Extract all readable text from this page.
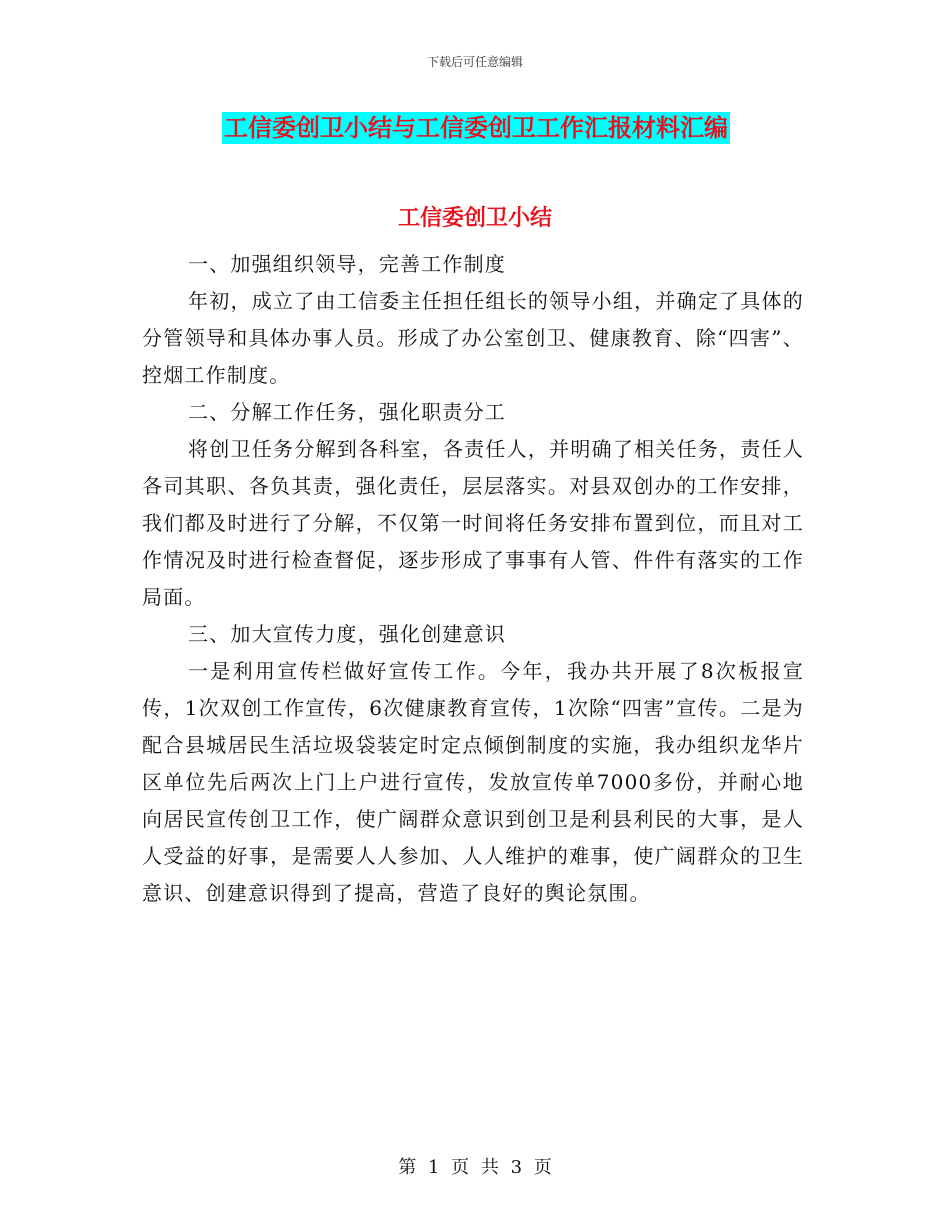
下载后可任意编辑
工信委创卫小结与工信委创卫工作汇报材料汇编
工信委创卫小结

一、加强组织领导，完善工作制度

年初，成立了由工信委主任担任组长的领导小组，并确定了具体的分管领导和具体办事人员。形成了办公室创卫、健康教育、除“四害”、控烟工作制度。

二、分解工作任务，强化职责分工

将创卫任务分解到各科室，各责任人，并明确了相关任务，责任人各司其职、各负其责，强化责任，层层落实。对县双创办的工作安排，我们都及时进行了分解，不仅第一时间将任务安排布置到位，而且对工作情况及时进行检查督促，逐步形成了事事有人管、件件有落实的工作局面。

三、加大宣传力度，强化创建意识

一是利用宣传栏做好宣传工作。今年，我办共开展了8次板报宣传，1次双创工作宣传，6次健康教育宣传，1次除“四害”宣传。二是为配合县城居民生活垃圾袋装定时定点倾倒制度的实施，我办组织龙华片区单位先后两次上门上户进行宣传，发放宣传单7000多份，并耐心地向居民宣传创卫工作，使广阔群众意识到创卫是利县利民的大事，是人人受益的好事，是需要人人参加、人人维护的难事，使广阔群众的卫生意识、创建意识得到了提高，营造了良好的舆论氛围。

第 1 页 共 3 页
